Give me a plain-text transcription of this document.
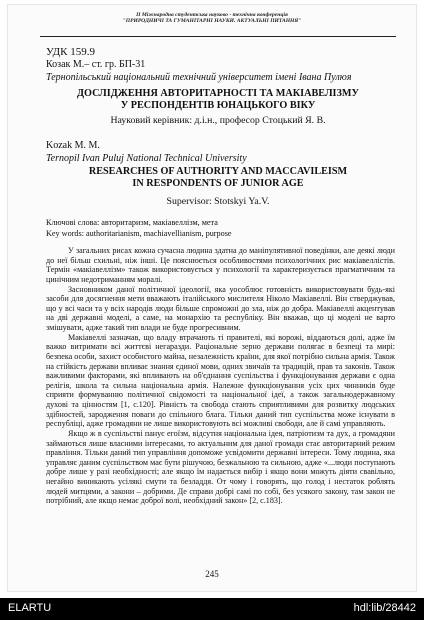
ІІ Міжнародна студентська науково - технічна конференція
"ПРИРОДНИЧІ ТА ГУМАНІТАРНІ НАУКИ. АКТУАЛЬНІ ПИТАННЯ"
УДК 159.9
Козак М.– ст. гр. БП-31
Тернопільський національний технічний університет імені Івана Пулюя
ДОСЛІДЖЕННЯ АВТОРИТАРНОСТІ ТА МАКІАВЕЛІЗМУ
У РЕСПОНДЕНТІВ ЮНАЦЬКОГО ВІКУ
Науковий керівник: д.і.н., професор Стоцький Я. В.
Kozak M. M.
Ternopil Ivan Puluj National Technical University
RESEARCHES OF AUTHORITY AND MACCAVILEISM
IN RESPONDENTS OF JUNIOR AGE
Supervisor: Stotskyi Ya.V.
Ключові слова: авторитаризм, макіавеллізм, мета
Key words: authoritarianism, machiavellianism, purpose

У загальних рисах кожна сучасна людина здатна до маніпулятивної поведінки, але деякі люди до неї більш схильні, ніж інші. Це пояснюється особливостями психологічних рис макіавеллістів. Термін «макіавеллізм» також використовується у психології та характеризується прагматичним та цинічним недотриманням моралі.

Засновником даної політичної ідеології, яка уособлює готовність використовувати будь-які засоби для досягнення мети вважають італійського мислителя Ніколо Макіавеллі. Він стверджував, що у всі часи та у всіх народів люди більше спроможні до зла, ніж до добра. Макіавеллі акцентував на дві державні моделі, а саме, на монархію та республіку. Він вважав, що ці моделі не варто змішувати, адже такий тип влади не буде прогресивним.

Макіавеллі зазначав, що владу втрачають ті правителі, які ворожі, віддаються долі, адже їм важко витримати всі життєві негаразди. Раціональне зерно держави полягає в безпеці та мирі: безпека особи, захист особистого майна, незалежність країни, для якої потрібно сильна армія. Також на стійкість держави впливає знання єдиної мови, одних звичаїв та традицій, прав та законів. Також важливими факторами, які впливають на об'єднання суспільства і функціонування держави є одна релігія, школа та сильна національна армія. Належне функціонування усіх цих чинників буде сприяти формуванню політичної свідомості та національної ідеї, а також загальнодержавному духові та цінностям [1, с.120]. Рівність та свобода стають сприятливими для розвитку людських здібностей, зародження поваги до спільного блага. Тільки даний тип суспільства може існувати в республіці, адже громадяни не лише використовують всі можливі свободи, але й самі управляють.

Якщо ж в суспільстві панує егоїзм, відсутня національна ідея, патріотизм та дух, а громадяни займаються лише власними інтересами, то актуальним для даної громади стає авторитарний режим правління. Тільки даний тип управління допоможе усвідомити державні інтереси. Тому людина, яка управляє даним суспільством має бути рішучою, безжальною та сильною, адже «...люди поступають добре лише у разі необхідності; але якщо їм надається вибір і якщо вони можуть діяти свавільно, негайно виникають усілякі смути та безладдя. От чому і говорять, що голод і нестаток роблять людей митцями, а закони – добрими. Де справи добрі самі по собі, без усякого закону, там закон не потрібний, але якщо немає доброї волі, необхідний закон» [2, с.183].

245
ELARTU	hdl:lib/28442
